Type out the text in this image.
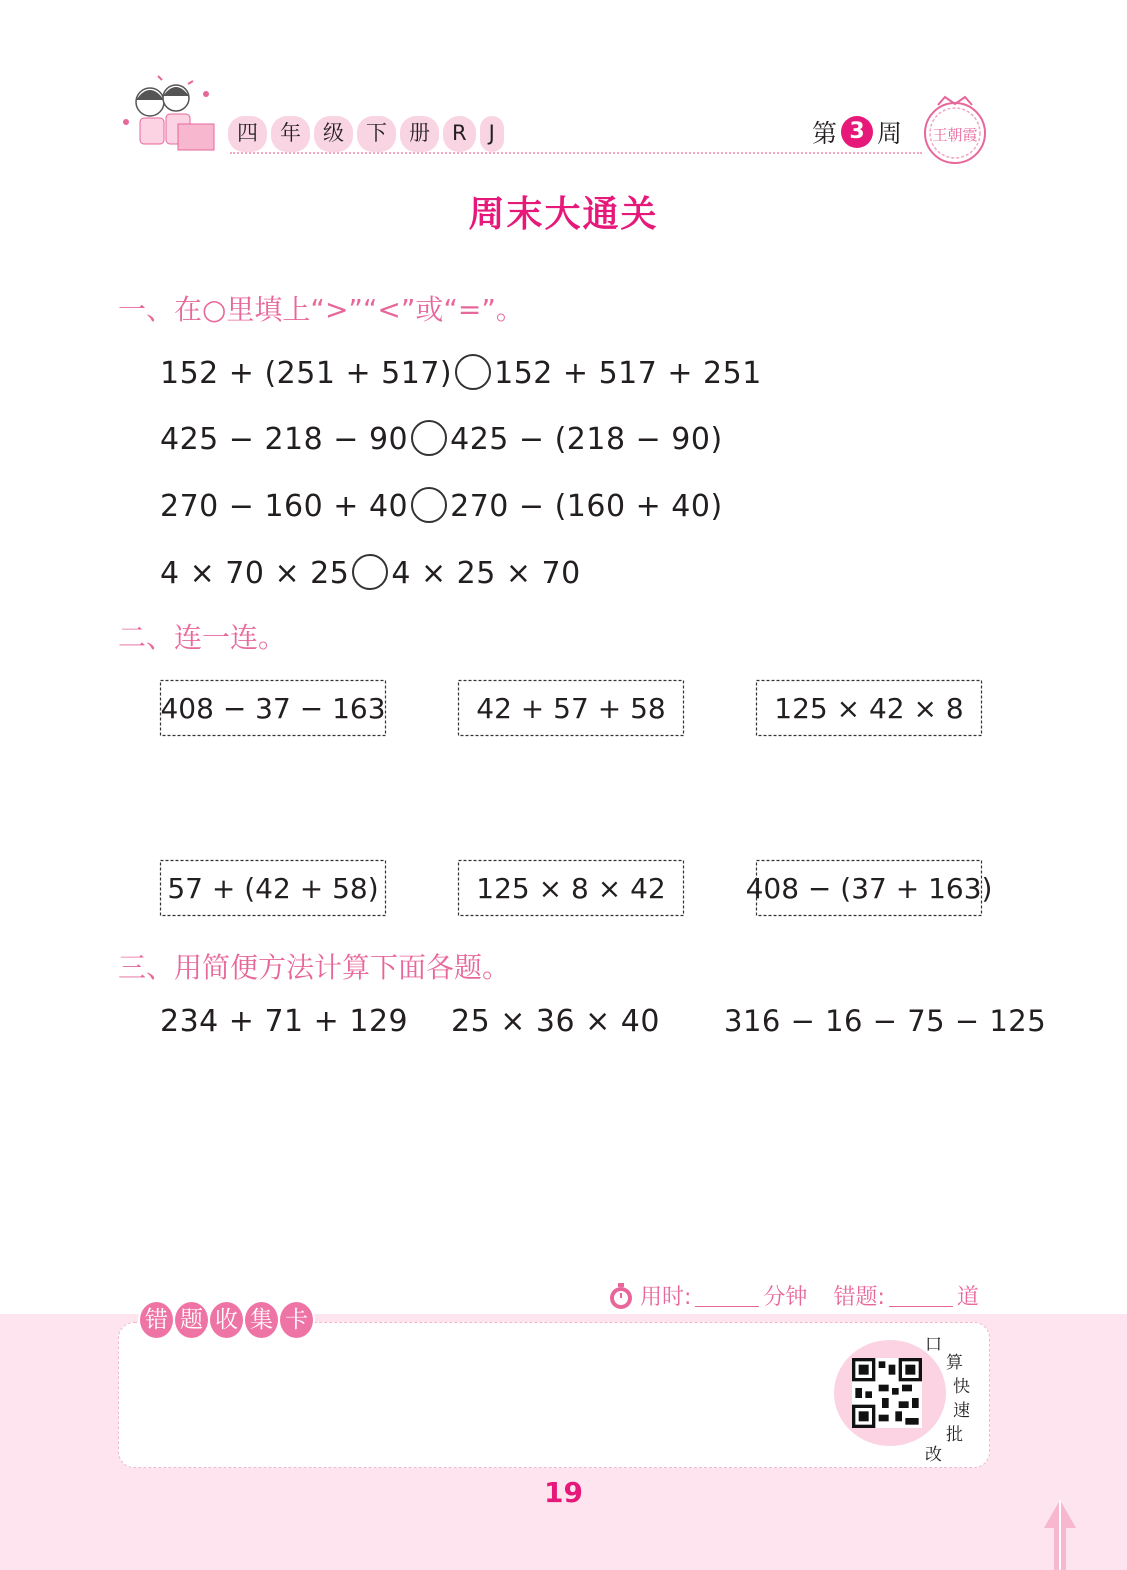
四	年	级	下	册	R	J	第 3 周 王朝霞
周末大通关
一、在○里填上“>”“<”或“=”。
152 + (251 + 517) 152 + 517 + 251
425 − 218 − 90 425 − (218 − 90)
270 − 160 + 40 270 − (160 + 40)
4 × 70 × 25 4 × 25 × 70
二、连一连。
408 − 37 − 163	42 + 57 + 58	125 × 42 × 8
57 + (42 + 58)	125 × 8 × 42	408 − (37 + 163)
三、用简便方法计算下面各题。
234 + 71 + 129 25 × 36 × 40 316 − 16 − 75 − 125
用时:	分钟 错题:	道
错 题 收 集 卡
口
算
快
速
批
改
19
